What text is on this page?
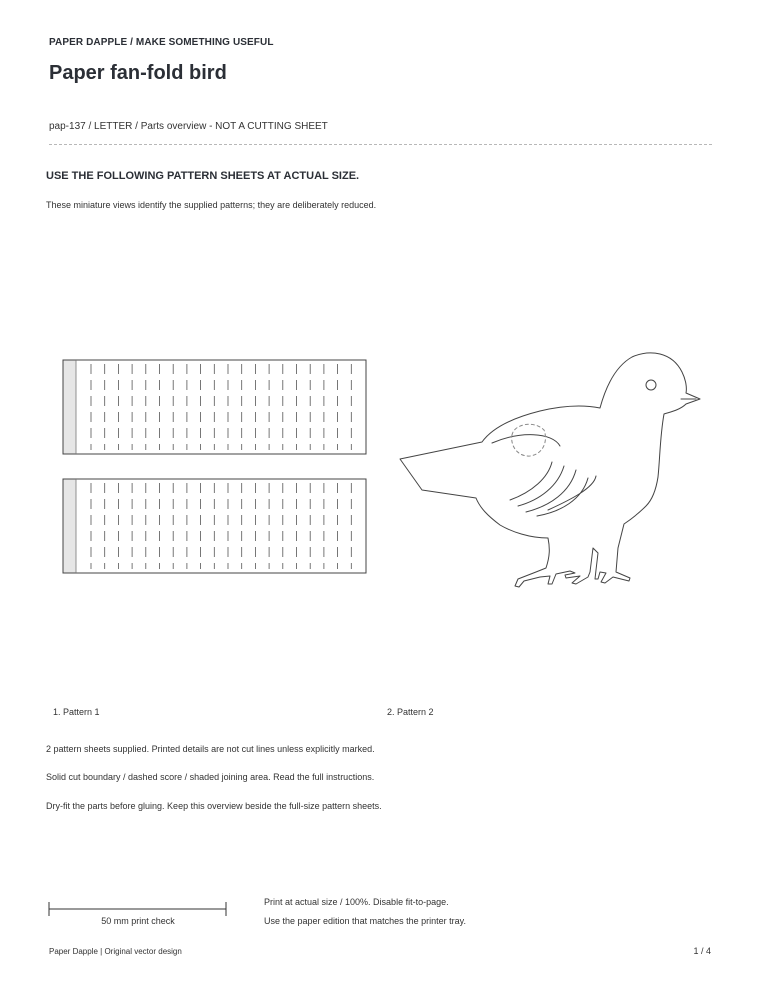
PAPER DAPPLE / MAKE SOMETHING USEFUL
Paper fan-fold bird
pap-137 / LETTER / Parts overview - NOT A CUTTING SHEET
USE THE FOLLOWING PATTERN SHEETS AT ACTUAL SIZE.
These miniature views identify the supplied patterns; they are deliberately reduced.
1. Pattern 1	2. Pattern 2
2 pattern sheets supplied. Printed details are not cut lines unless explicitly marked.
Solid cut boundary / dashed score / shaded joining area. Read the full instructions.
Dry-fit the parts before gluing. Keep this overview beside the full-size pattern sheets.
50 mm print check
Print at actual size / 100%. Disable fit-to-page.
Use the paper edition that matches the printer tray.
Paper Dapple | Original vector design	1 / 4
